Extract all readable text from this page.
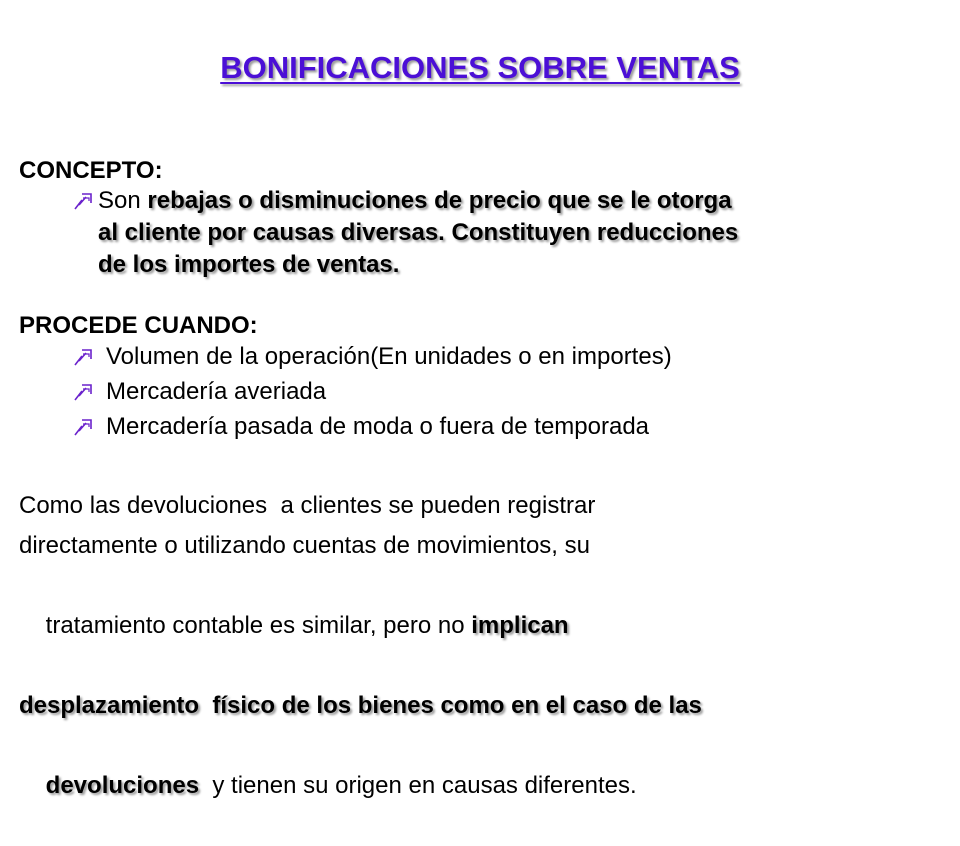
BONIFICACIONES SOBRE VENTAS
CONCEPTO:
Son rebajas o disminuciones de precio que se le otorga
al cliente por causas diversas. Constituyen reducciones
de los importes de ventas.
PROCEDE CUANDO:
Volumen de la operación(En unidades o en importes)
Mercadería averiada
Mercadería pasada de moda o fuera de temporada
Como las devoluciones  a clientes se pueden registrar
directamente o utilizando cuentas de movimientos, su

tratamiento contable es similar, pero no implican

desplazamiento  físico de los bienes como en el caso de las

devoluciones  y tienen su origen en causas diferentes.
